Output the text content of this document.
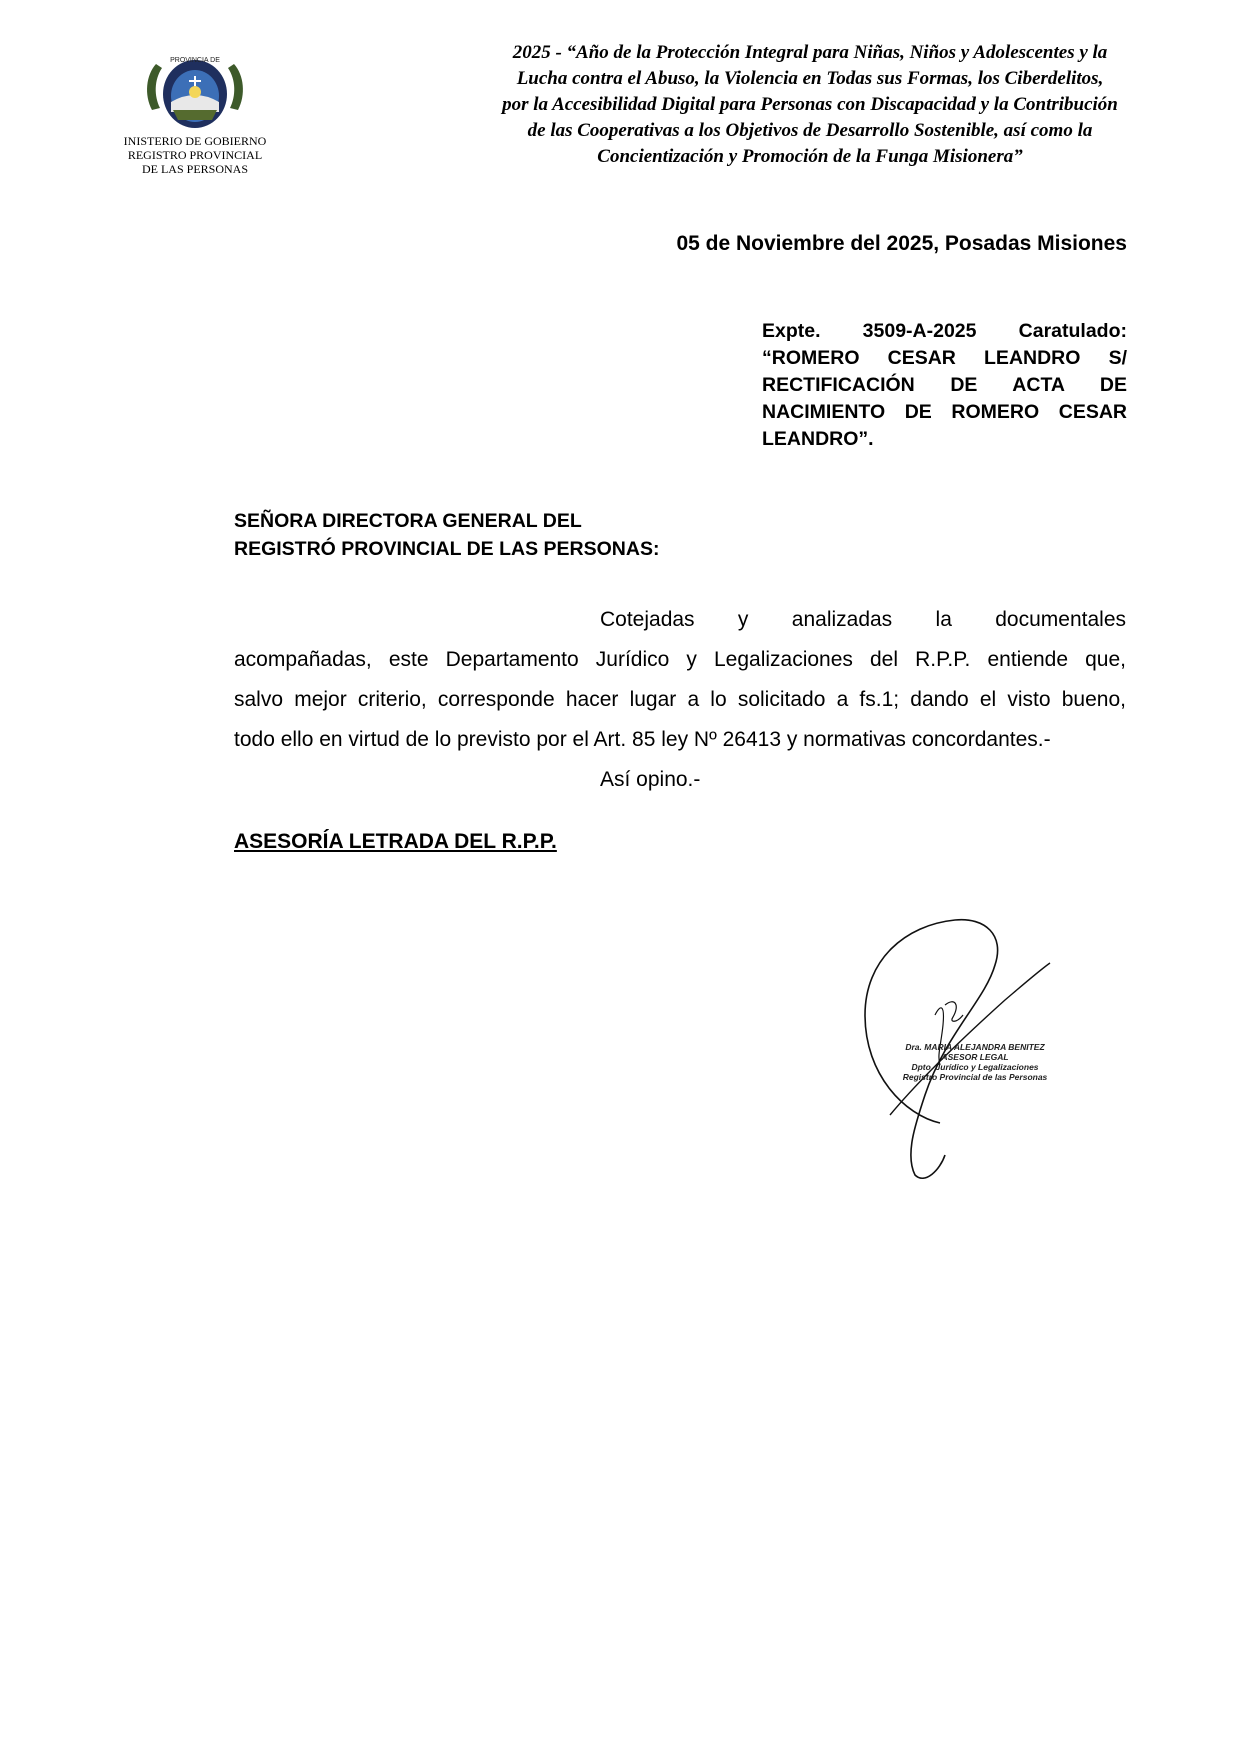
PROVINCIA DE
INISTERIO DE GOBIERNO
REGISTRO PROVINCIAL
DE LAS PERSONAS
2025 - “Año de la Protección Integral para Niñas, Niños y Adolescentes y la
Lucha contra el Abuso, la Violencia en Todas sus Formas, los Ciberdelitos,
por la Accesibilidad Digital para Personas con Discapacidad y la Contribución
de las Cooperativas a los Objetivos de Desarrollo Sostenible, así como la
Concientización y Promoción de la Funga Misionera”
05 de Noviembre del 2025, Posadas Misiones
Expte. 3509-A-2025 Caratulado: “ROMERO CESAR LEANDRO S/ RECTIFICACIÓN DE ACTA DE NACIMIENTO DE ROMERO CESAR LEANDRO”.
SEÑORA DIRECTORA GENERAL DEL
REGISTRÓ PROVINCIAL DE LAS PERSONAS:
Cotejadas y analizadas la documentales
acompañadas, este Departamento Jurídico y Legalizaciones del R.P.P. entiende que,
salvo mejor criterio, corresponde hacer lugar a lo solicitado a fs.1; dando el visto bueno,
todo ello en virtud de lo previsto por el Art. 85 ley Nº 26413 y normativas concordantes.-
Así opino.-
ASESORÍA LETRADA DEL R.P.P.
Dra. MARIA ALEJANDRA BENITEZ
ASESOR LEGAL
Dpto. Jurídico y Legalizaciones
Registro Provincial de las Personas
